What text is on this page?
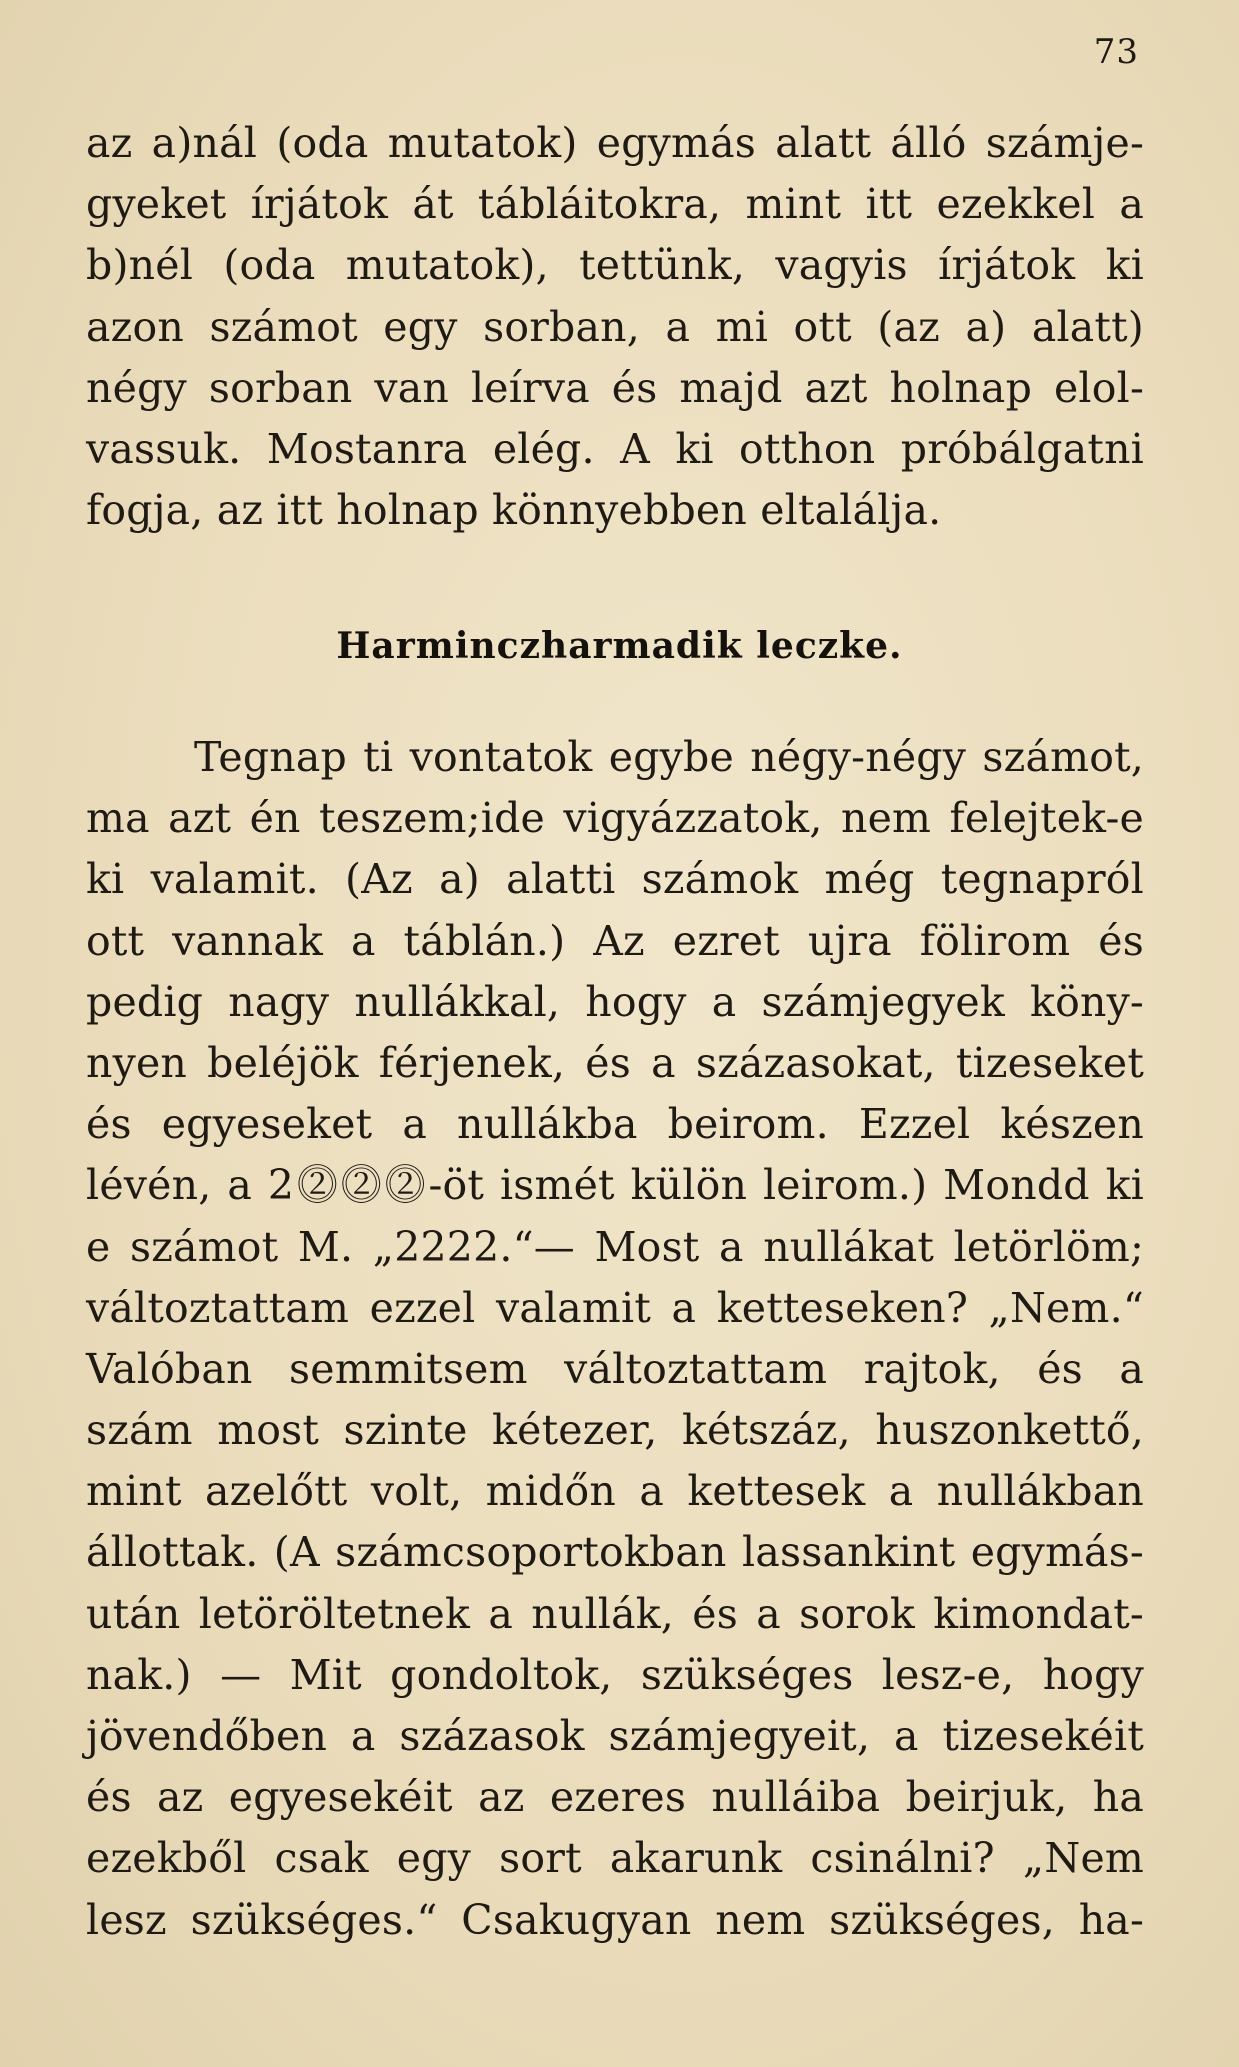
73
az a)nál (oda mutatok) egymás alatt álló számje-
gyeket írjátok át tábláitokra, mint itt ezekkel a
b)nél (oda mutatok), tettünk, vagyis írjátok ki
azon számot egy sorban, a mi ott (az a) alatt)
négy sorban van leírva és majd azt holnap elol-
vassuk. Mostanra elég. A ki otthon próbálgatni
fogja, az itt holnap könnyebben eltalálja.
Harminczharmadik leczke.
Tegnap ti vontatok egybe négy-négy számot,
ma azt én teszem;ide vigyázzatok, nem felejtek-e
ki valamit. (Az a) alatti számok még tegnapról
ott vannak a táblán.) Az ezret ujra fölirom és
pedig nagy nullákkal, hogy a számjegyek köny-
nyen beléjök férjenek, és a százasokat, tizeseket
és egyeseket a nullákba beirom. Ezzel készen
lévén, a 2⓶⓶⓶-öt ismét külön leirom.) Mondd ki
e számot M. „2222.“— Most a nullákat letörlöm;
változtattam ezzel valamit a ketteseken? „Nem.“
Valóban semmitsem változtattam rajtok, és a
szám most szinte kétezer, kétszáz, huszonkettő,
mint azelőtt volt, midőn a kettesek a nullákban
állottak. (A számcsoportokban lassankint egymás-
után letöröltetnek a nullák, és a sorok kimondat-
nak.) — Mit gondoltok, szükséges lesz-e, hogy
jövendőben a százasok számjegyeit, a tizesekéit
és az egyesekéit az ezeres nulláiba beirjuk, ha
ezekből csak egy sort akarunk csinálni? „Nem
lesz szükséges.“ Csakugyan nem szükséges, ha-
